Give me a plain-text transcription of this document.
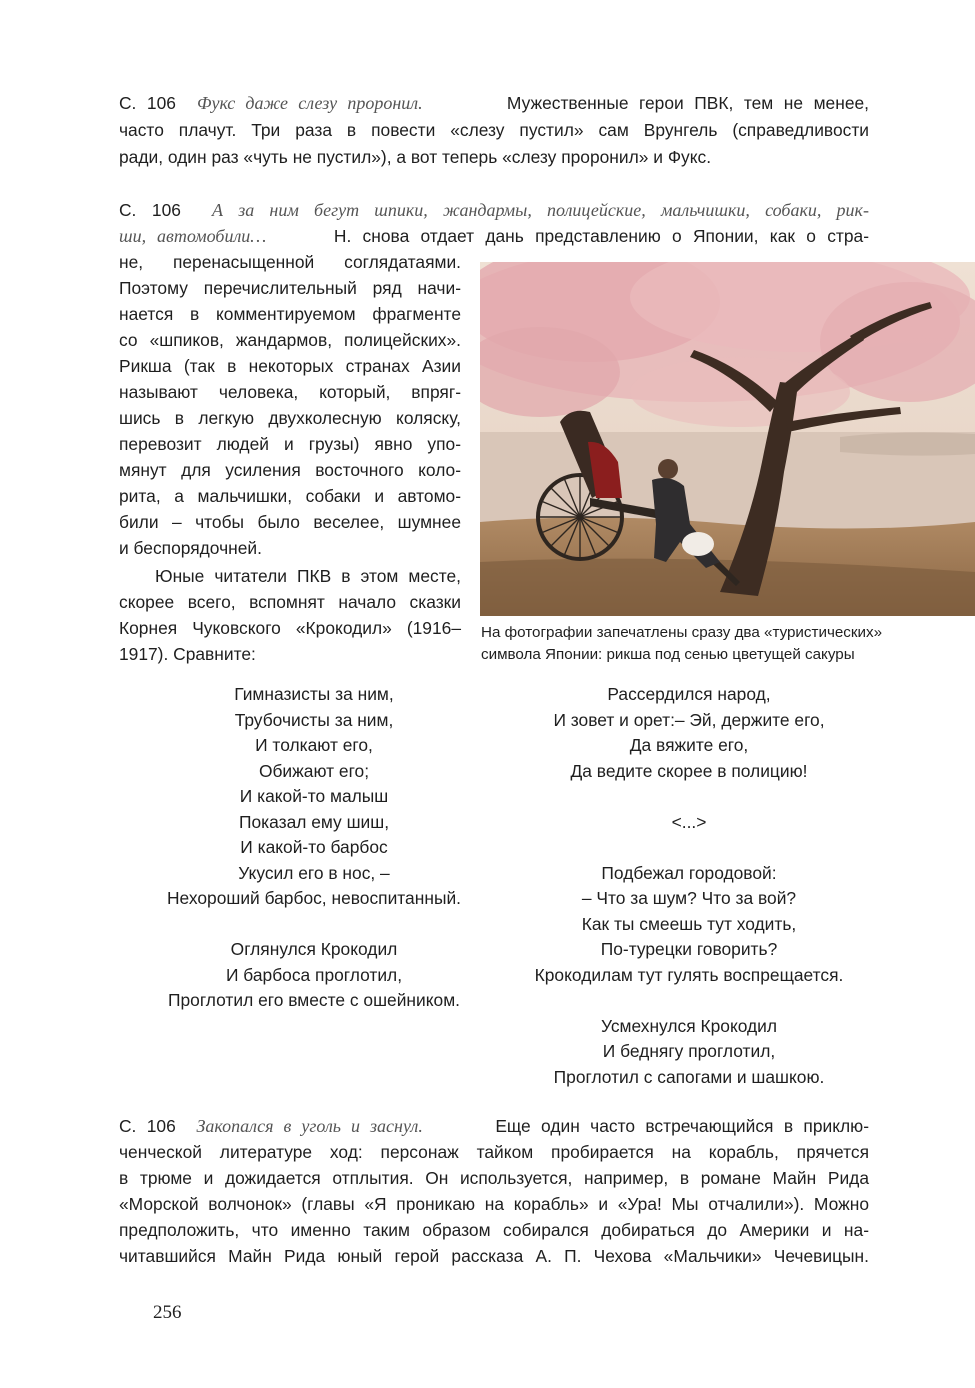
С. 106 Фукс даже слезу проронил.	Мужественные герои ПВК, тем не менее,
часто плачут. Три раза в повести «слезу пустил» сам Врунгель (справедливости
ради, один раз «чуть не пустил»), а вот теперь «слезу проронил» и Фукс.
С. 106 А за ним бегут шпики, жандармы, полицейские, мальчишки, собаки, рик-
ши, автомобили…	Н. снова отдает дань представлению о Японии, как о стра-
не, перенасыщенной соглядатаями.
Поэтому перечислительный ряд начи-
нается в комментируемом фрагменте
со «шпиков, жандармов, полицейских».
Рикша (так в некоторых странах Азии
называют человека, который, впряг-
шись в легкую двухколесную коляску,
перевозит людей и грузы) явно упо-
мянут для усиления восточного коло-
рита, а мальчишки, собаки и автомо-
били – чтобы было веселее, шумнее
и беспорядочней.
Юные читатели ПКВ в этом месте,
скорее всего, вспомнят начало сказки
Корнея Чуковского «Крокодил» (1916–
1917). Сравните:
На фотографии запечатлены сразу два «туристических»
символа Японии: рикша под сенью цветущей сакуры
Гимназисты за ним,
Трубочисты за ним,
И толкают его,
Обижают его;
И какой-то малыш
Показал ему шиш,
И какой-то барбос
Укусил его в нос, –
Нехороший барбос, невоспитанный.
Оглянулся Крокодил
И барбоса проглотил,
Проглотил его вместе с ошейником.
Рассердился народ,
И зовет и орет:– Эй, держите его,
Да вяжите его,
Да ведите скорее в полицию!
<...>
Подбежал городовой:
– Что за шум? Что за вой?
Как ты смеешь тут ходить,
По-турецки говорить?
Крокодилам тут гулять воспрещается.
Усмехнулся Крокодил
И беднягу проглотил,
Проглотил с сапогами и шашкою.
С. 106 Закопался в уголь и заснул.	Еще один часто встречающийся в приклю-
ченческой литературе ход: персонаж тайком пробирается на корабль, прячется
в трюме и дожидается отплытия. Он используется, например, в романе Майн Рида
«Морской волчонок» (главы «Я проникаю на корабль» и «Ура! Мы отчалили»). Можно
предположить, что именно таким образом собирался добираться до Америки и на-
читавшийся Майн Рида юный герой рассказа А. П. Чехова «Мальчики» Чечевицын.
256
